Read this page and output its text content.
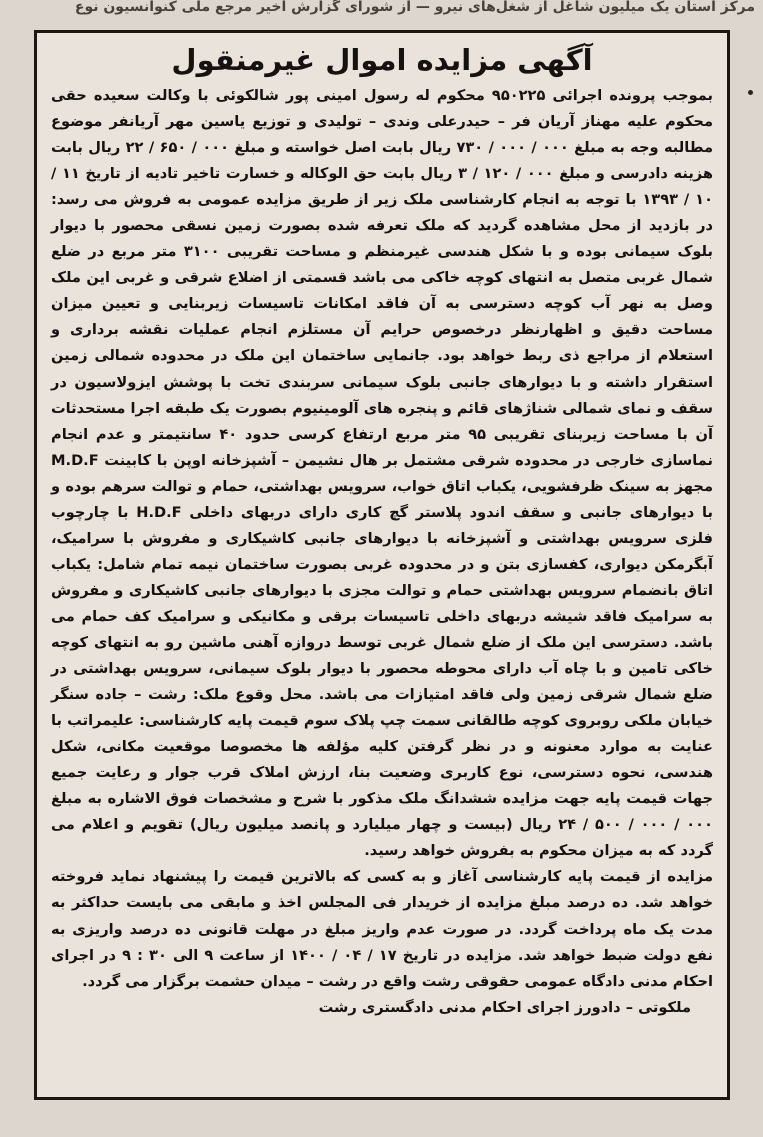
مرکز استان یک میلیون شاغل از شغل‌های نیرو — از شورای گزارش اخیر مرجع ملی کنوانسیون نوع
آگهی مزایده اموال غیرمنقول

بموجب پرونده اجرائی ۹۵۰۲۲۵ محکوم له رسول امینی پور شالکوئی با وکالت سعیده حقی محکوم علیه مهناز آریان فر – حیدرعلی وندی – تولیدی و توزیع یاسین مهر آریانفر موضوع مطالبه وجه به مبلغ ۰۰۰ / ۰۰۰ / ۷۳۰ ریال بابت اصل خواسته و مبلغ ۰۰۰ / ۶۵۰ / ۲۲ ریال بابت هزینه دادرسی و مبلغ ۰۰۰ / ۱۲۰ / ۳ ریال بابت حق الوکاله و خسارت تاخیر تادیه از تاریخ ۱۱ / ۱۰ / ۱۳۹۳ با توجه به انجام کارشناسی ملک زیر از طریق مزایده عمومی به فروش می رسد: در بازدید از محل مشاهده گردید که ملک تعرفه شده بصورت زمین نسقی محصور با دیوار بلوک سیمانی بوده و با شکل هندسی غیرمنظم و مساحت تقریبی ۳۱۰۰ متر مربع در ضلع شمال غربی متصل به انتهای کوچه خاکی می باشد قسمتی از اضلاع شرقی و غربی این ملک وصل به نهر آب کوچه دسترسی به آن فاقد امکانات تاسیسات زیربنایی و تعیین میزان مساحت دقیق و اظهارنظر درخصوص حرایم آن مستلزم انجام عملیات نقشه برداری و استعلام از مراجع ذی ربط خواهد بود. جانمایی ساختمان این ملک در محدوده شمالی زمین استقرار داشته و با دیوارهای جانبی بلوک سیمانی سربندی تخت با پوشش ایزولاسیون در سقف و نمای شمالی شناژهای قائم و پنجره های آلومینیوم بصورت یک طبقه اجرا مستحدثات آن با مساحت زیربنای تقریبی ۹۵ متر مربع ارتفاع کرسی حدود ۴۰ سانتیمتر و عدم انجام نماسازی خارجی در محدوده شرقی مشتمل بر هال نشیمن – آشپزخانه اوپن با کابینت M.D.F مجهز به سینک ظرفشویی، یکباب اتاق خواب، سرویس بهداشتی، حمام و توالت سرهم بوده و با دیوارهای جانبی و سقف اندود پلاستر گچ کاری دارای دربهای داخلی H.D.F با چارچوب فلزی سرویس بهداشتی و آشپزخانه با دیوارهای جانبی کاشیکاری و مفروش با سرامیک، آبگرمکن دیواری، کفسازی بتن و در محدوده غربی بصورت ساختمان نیمه تمام شامل: یکباب اتاق بانضمام سرویس بهداشتی حمام و توالت مجزی با دیوارهای جانبی کاشیکاری و مفروش به سرامیک فاقد شیشه دربهای داخلی تاسیسات برقی و مکانیکی و سرامیک کف حمام می باشد. دسترسی این ملک از ضلع شمال غربی توسط دروازه آهنی ماشین رو به انتهای کوچه خاکی تامین و با چاه آب دارای محوطه محصور با دیوار بلوک سیمانی، سرویس بهداشتی در ضلع شمال شرقی زمین ولی فاقد امتیازات می باشد. محل وقوع ملک: رشت – جاده سنگر خیابان ملکی روبروی کوچه طالقانی سمت چپ پلاک سوم قیمت پایه کارشناسی: علیمراتب با عنایت به موارد معنونه و در نظر گرفتن کلیه مؤلفه ها مخصوصا موقعیت مکانی، شکل هندسی، نحوه دسترسی، نوع کاربری وضعیت بنا، ارزش املاک قرب جوار و رعایت جمیع جهات قیمت پایه جهت مزایده ششدانگ ملک مذکور با شرح و مشخصات فوق الاشاره به مبلغ ۰۰۰ / ۰۰۰ / ۵۰۰ / ۲۴ ریال (بیست و چهار میلیارد و پانصد میلیون ریال) تقویم و اعلام می گردد که به میزان محکوم به بفروش خواهد رسید.

مزایده از قیمت پایه کارشناسی آغاز و به کسی که بالاترین قیمت را پیشنهاد نماید فروخته خواهد شد. ده درصد مبلغ مزایده از خریدار فی المجلس اخذ و مابقی می بایست حداکثر به مدت یک ماه پرداخت گردد. در صورت عدم واریز مبلغ در مهلت قانونی ده درصد واریزی به نفع دولت ضبط خواهد شد. مزایده در تاریخ ۱۷ / ۰۴ / ۱۴۰۰ از ساعت ۹ الی ۳۰ : ۹ در اجرای احکام مدنی دادگاه عمومی حقوقی رشت واقع در رشت – میدان حشمت برگزار می گردد.

ملکوتی – دادورز اجرای احکام مدنی دادگستری رشت
